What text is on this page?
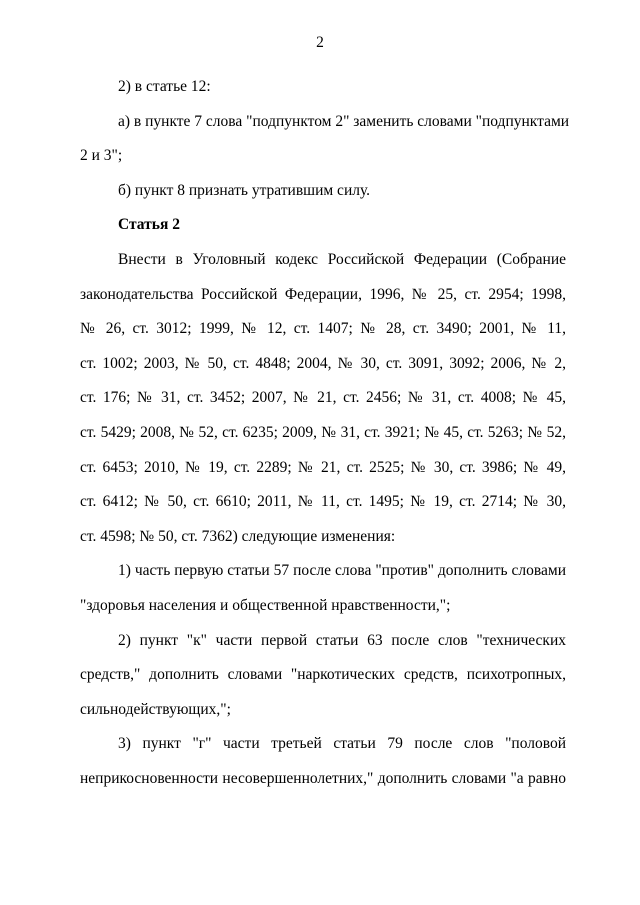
2

2) в статье 12:

а) в пункте 7 слова "подпунктом 2" заменить словами "подпунктами
2 и 3";

б) пункт 8 признать утратившим силу.

Статья 2

Внести в Уголовный кодекс Российской Федерации (Собрание
законодательства Российской Федерации, 1996, № 25, ст. 2954; 1998,
№ 26, ст. 3012; 1999, № 12, ст. 1407; № 28, ст. 3490; 2001, № 11,
ст. 1002; 2003, № 50, ст. 4848; 2004, № 30, ст. 3091, 3092; 2006, № 2,
ст. 176; № 31, ст. 3452; 2007, № 21, ст. 2456; № 31, ст. 4008; № 45,
ст. 5429; 2008, № 52, ст. 6235; 2009, № 31, ст. 3921; № 45, ст. 5263; № 52,
ст. 6453; 2010, № 19, ст. 2289; № 21, ст. 2525; № 30, ст. 3986; № 49,
ст. 6412; № 50, ст. 6610; 2011, № 11, ст. 1495; № 19, ст. 2714; № 30,
ст. 4598; № 50, ст. 7362) следующие изменения:

1) часть первую статьи 57 после слова "против" дополнить словами
"здоровья населения и общественной нравственности,";

2) пункт "к" части первой статьи 63 после слов "технических
средств," дополнить словами "наркотических средств, психотропных,
сильнодействующих,";

3) пункт "г" части третьей статьи 79 после слов "половой
неприкосновенности несовершеннолетних," дополнить словами "а равно
